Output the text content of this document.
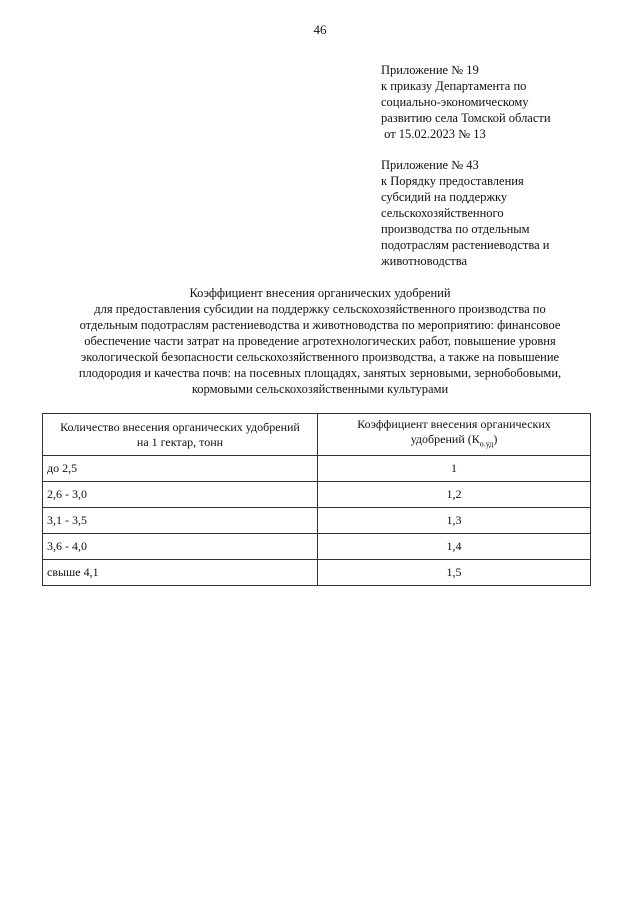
46
Приложение № 19
к приказу Департамента по
социально-экономическому
развитию села Томской области
от 15.02.2023 № 13
Приложение № 43
к Порядку предоставления
субсидий на поддержку
сельскохозяйственного
производства по отдельным
подотраслям растениеводства и
животноводства
Коэффициент внесения органических удобрений
для предоставления субсидии на поддержку сельскохозяйственного производства по
отдельным подотраслям растениеводства и животноводства по мероприятию: финансовое
обеспечение части затрат на проведение агротехнологических работ, повышение уровня
экологической безопасности сельскохозяйственного производства, а также на повышение
плодородия и качества почв: на посевных площадях, занятых зерновыми, зернобобовыми,
кормовыми сельскохозяйственными культурами
Количество внесения органических удобрений
на 1 гектар, тонн	Коэффициент внесения органических
удобрений $(К_{о.уд})$
до 2,5	1
2,6 - 3,0	1,2
3,1 - 3,5	1,3
3,6 - 4,0	1,4
свыше 4,1	1,5
